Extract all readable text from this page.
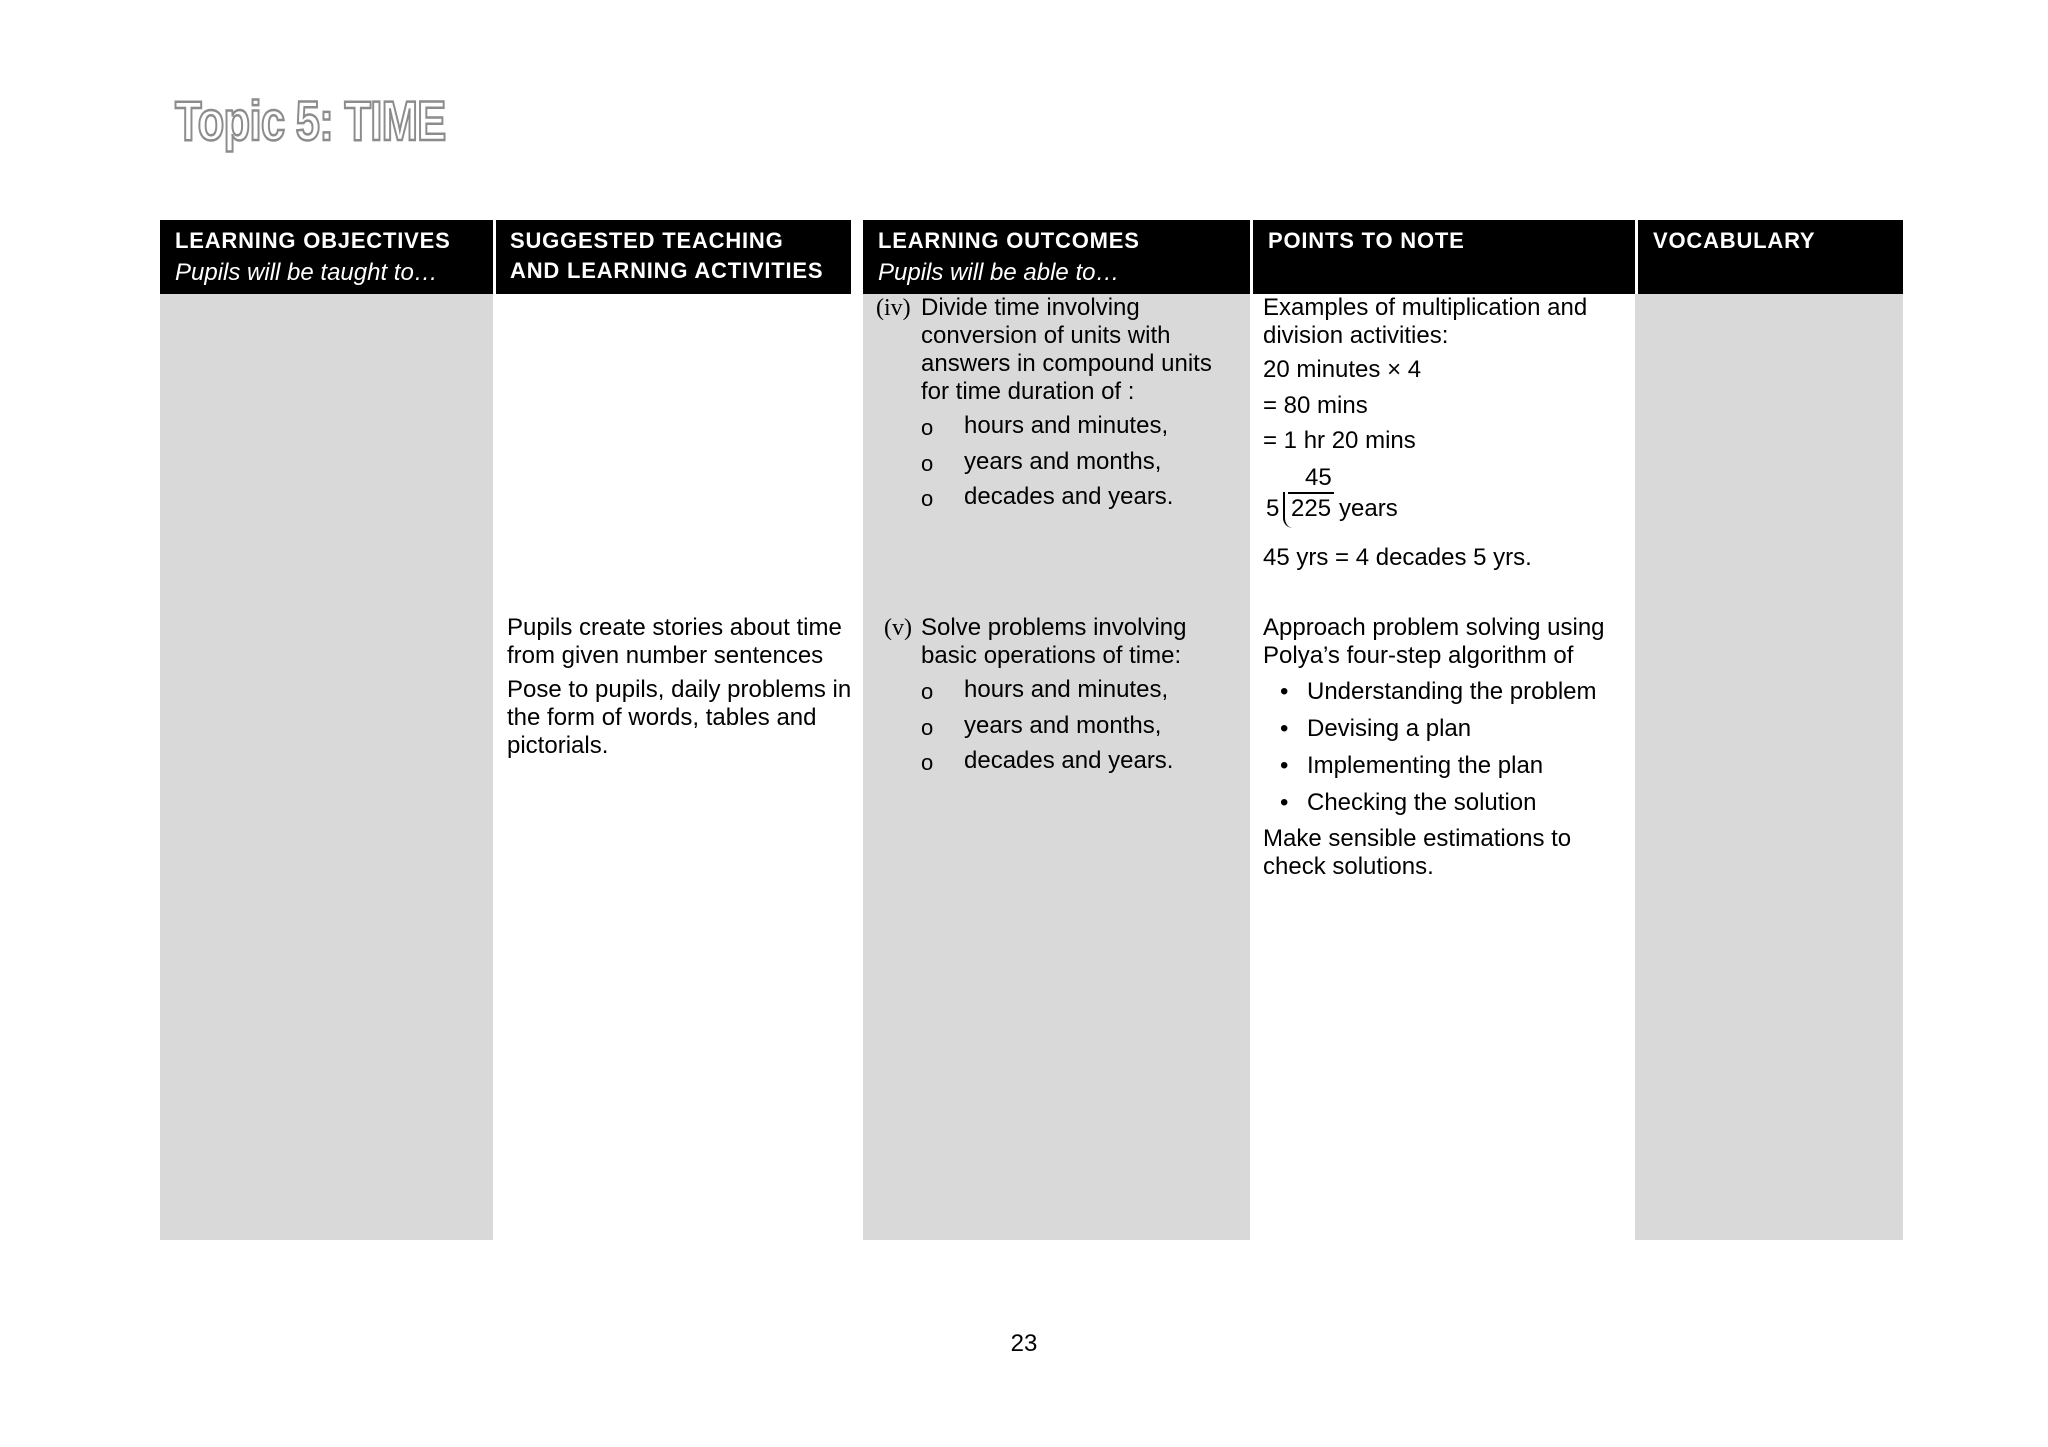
Topic 5: TIME
LEARNING OBJECTIVES
Pupils will be taught to…
SUGGESTED TEACHING
AND LEARNING ACTIVITIES
LEARNING OUTCOMES
Pupils will be able to…
POINTS TO NOTE	VOCABULARY
Pupils create stories about time from given number sentences
Pose to pupils, daily problems in the form of words, tables and pictorials.
(iv) Divide time involving conversion of units with answers in compound units for time duration of :
o hours and minutes,
o years and months,
o decades and years.
(v) Solve problems involving basic operations of time:
o hours and minutes,
o years and months,
o decades and years.
Examples of multiplication and division activities:
20 minutes × 4
= 80 mins
= 1 hr 20 mins
45
5 225 years
45 yrs = 4 decades 5 yrs.
Approach problem solving using Polya’s four-step algorithm of
• Understanding the problem
• Devising a plan
• Implementing the plan
• Checking the solution
Make sensible estimations to check solutions.
23
